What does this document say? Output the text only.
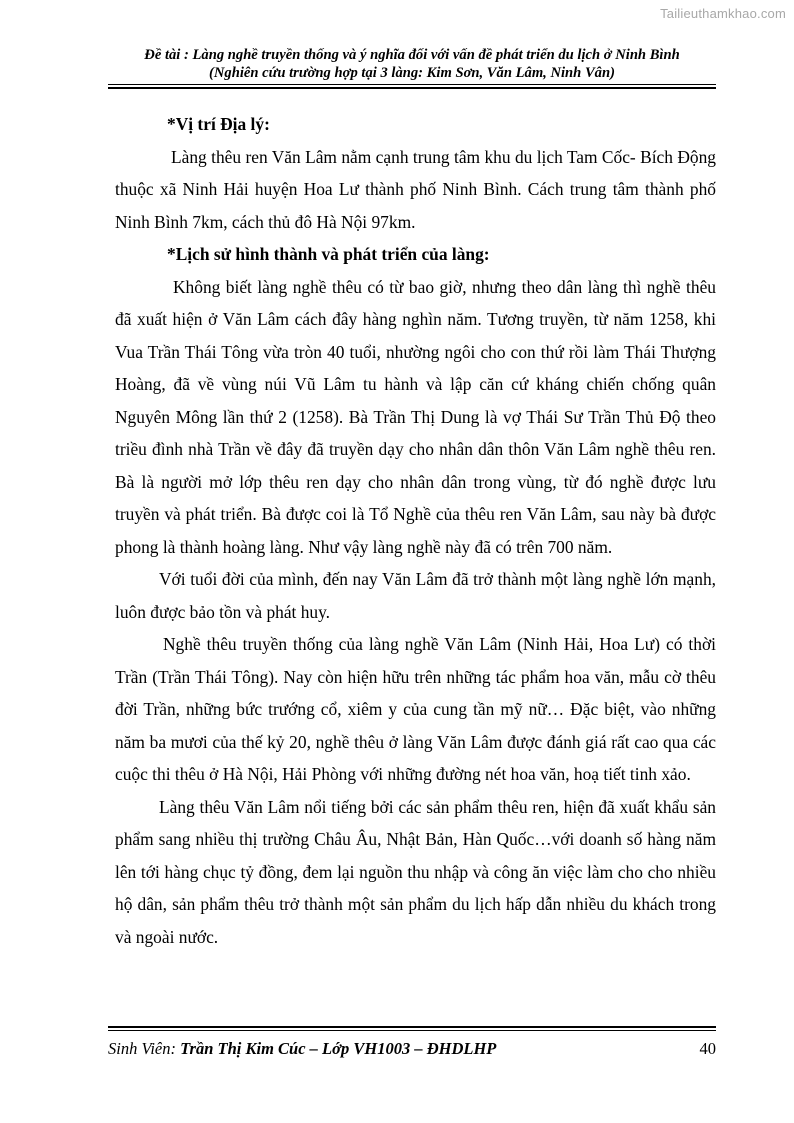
Tailieuthamkhao.com
Đề tài : Làng nghề truyền thống và ý nghĩa đối với vấn đề phát triển du lịch ở Ninh Bình
(Nghiên cứu trường hợp tại 3 làng: Kim Sơn, Văn Lâm, Ninh Vân)

*Vị trí Địa lý:

Làng thêu ren Văn Lâm nằm cạnh trung tâm khu du lịch Tam Cốc- Bích Động thuộc xã Ninh Hải huyện Hoa Lư thành phố Ninh Bình. Cách trung tâm thành phố Ninh Bình 7km, cách thủ đô Hà Nội 97km.

*Lịch sử hình thành và phát triển của làng:

Không biết làng nghề thêu có từ bao giờ, nhưng theo dân làng thì nghề thêu đã xuất hiện ở Văn Lâm cách đây hàng nghìn năm. Tương truyền, từ năm 1258, khi Vua Trần Thái Tông vừa tròn 40 tuổi, nhường ngôi cho con thứ rồi làm Thái Thượng Hoàng, đã về vùng núi Vũ Lâm tu hành và lập căn cứ kháng chiến chống quân Nguyên Mông lần thứ 2 (1258). Bà Trần Thị Dung là vợ Thái Sư Trần Thủ Độ theo triều đình nhà Trần về đây đã truyền dạy cho nhân dân thôn Văn Lâm nghề thêu ren. Bà là người mở lớp thêu ren dạy cho nhân dân trong vùng, từ đó nghề được lưu truyền và phát triển. Bà được coi là Tổ Nghề của thêu ren Văn Lâm, sau này bà được phong là thành hoàng làng. Như vậy làng nghề này đã có trên 700 năm.

Với tuổi đời của mình, đến nay Văn Lâm đã trở thành một làng nghề lớn mạnh, luôn được bảo tồn và phát huy.

Nghề thêu truyền thống của làng nghề Văn Lâm (Ninh Hải, Hoa Lư) có thời Trần (Trần Thái Tông). Nay còn hiện hữu trên những tác phẩm hoa văn, mẫu cờ thêu đời Trần, những bức trướng cổ, xiêm y của cung tần mỹ nữ… Đặc biệt, vào những năm ba mươi của thế kỷ 20, nghề thêu ở làng Văn Lâm được đánh giá rất cao qua các cuộc thi thêu ở Hà Nội, Hải Phòng với những đường nét hoa văn, hoạ tiết tinh xảo.

Làng thêu Văn Lâm nổi tiếng bởi các sản phẩm thêu ren, hiện đã xuất khẩu sản phẩm sang nhiều thị trường Châu Âu, Nhật Bản, Hàn Quốc…với doanh số hàng năm lên tới hàng chục tỷ đồng, đem lại nguồn thu nhập và công ăn việc làm cho cho nhiều hộ dân, sản phẩm thêu trở thành một sản phẩm du lịch hấp dẫn nhiều du khách trong và ngoài nước.

Sinh Viên: Trần Thị Kim Cúc – Lớp VH1003 – ĐHDLHP	40
